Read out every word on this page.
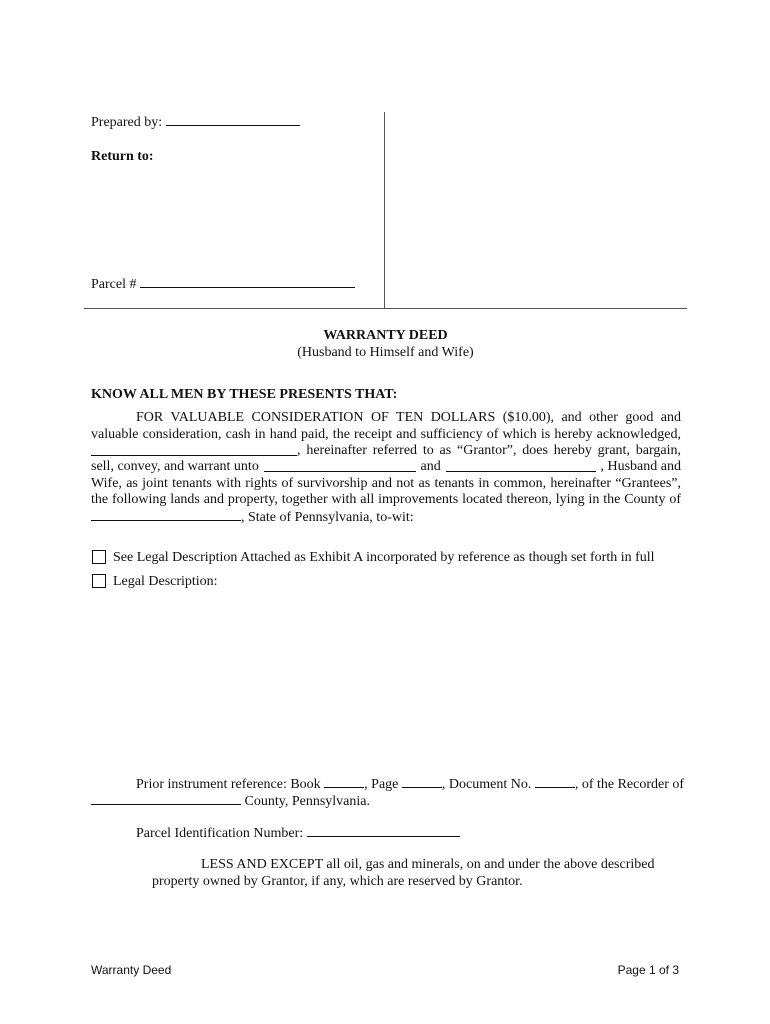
Prepared by:
Return to:
Parcel #
WARRANTY DEED
(Husband to Himself and Wife)
KNOW ALL MEN BY THESE PRESENTS THAT:
FOR VALUABLE CONSIDERATION OF TEN DOLLARS ($10.00), and other good and
valuable consideration, cash in hand paid, the receipt and sufficiency of which is hereby acknowledged,
, hereinafter referred to as “Grantor”, does hereby grant, bargain,
sell, convey, and warrant unto	and	, Husband and
Wife, as joint tenants with rights of survivorship and not as tenants in common, hereinafter “Grantees”,
the following lands and property, together with all improvements located thereon, lying in the County of
, State of Pennsylvania, to-wit:
See Legal Description Attached as Exhibit A incorporated by reference as though set forth in full
Legal Description:
Prior instrument reference: Book	, Page	, Document No.	, of the Recorder of
County, Pennsylvania.
Parcel Identification Number:
LESS AND EXCEPT all oil, gas and minerals, on and under the above described
property owned by Grantor, if any, which are reserved by Grantor.
Warranty Deed	Page 1 of 3
